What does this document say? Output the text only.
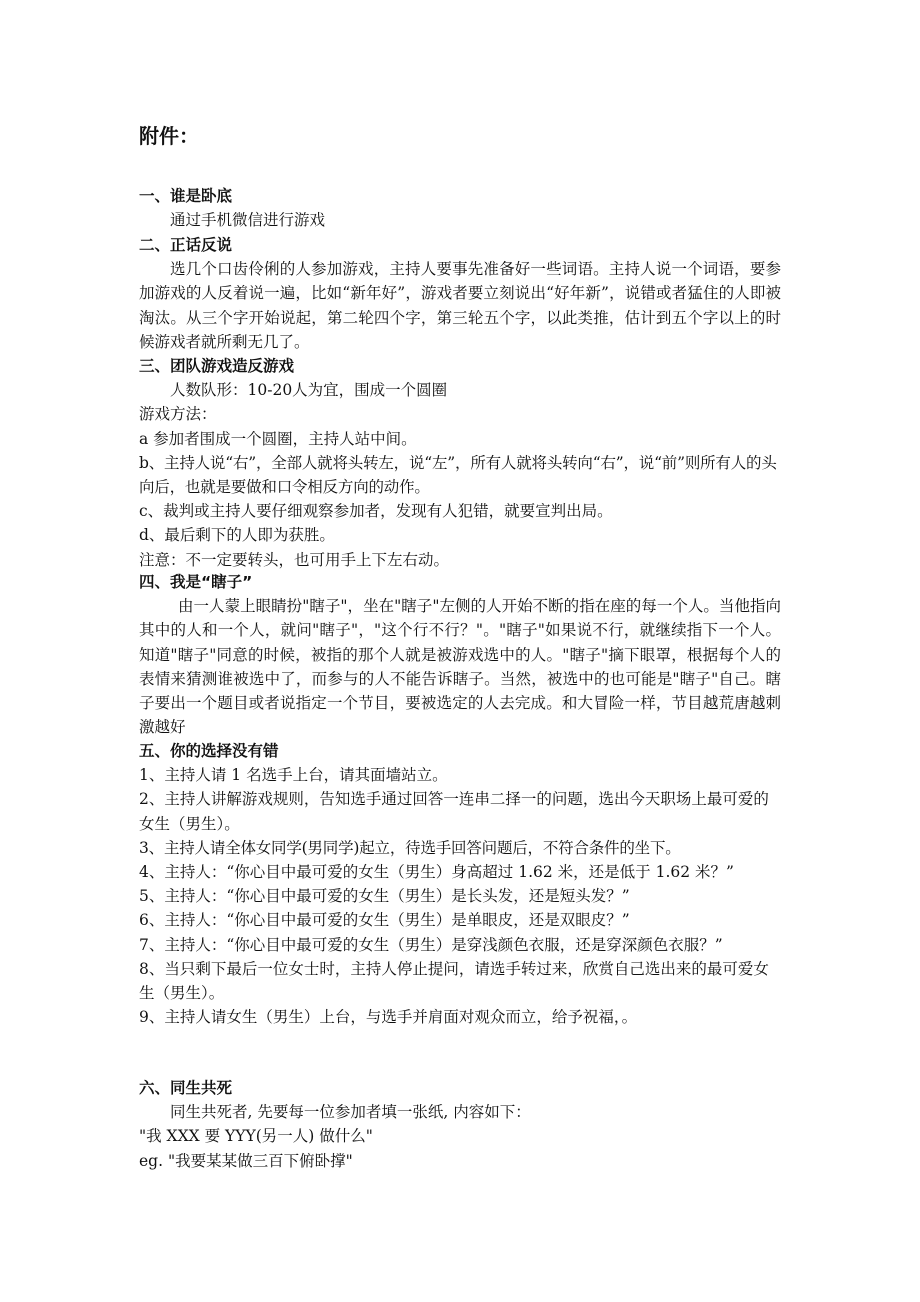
附件：
一、谁是卧底
通过手机微信进行游戏
二、正话反说
选几个口齿伶俐的人参加游戏，主持人要事先准备好一些词语。主持人说一个词语，要参加游戏的人反着说一遍，比如“新年好”，游戏者要立刻说出“好年新”，说错或者猛住的人即被淘汰。从三个字开始说起，第二轮四个字，第三轮五个字，以此类推，估计到五个字以上的时候游戏者就所剩无几了。
三、团队游戏造反游戏
人数队形：10-20人为宜，围成一个圆圈
游戏方法：
a 参加者围成一个圆圈，主持人站中间。
b、主持人说“右”，全部人就将头转左，说“左”，所有人就将头转向“右”，说“前”则所有人的头向后，也就是要做和口令相反方向的动作。
c、裁判或主持人要仔细观察参加者，发现有人犯错，就要宣判出局。
d、最后剩下的人即为获胜。
注意：不一定要转头，也可用手上下左右动。
四、我是“瞎子”
由一人蒙上眼睛扮"瞎子"，坐在"瞎子"左侧的人开始不断的指在座的每一个人。当他指向其中的人和一个人，就问"瞎子"，"这个行不行？"。"瞎子"如果说不行，就继续指下一个人。知道"瞎子"同意的时候，被指的那个人就是被游戏选中的人。"瞎子"摘下眼罩，根据每个人的表情来猜测谁被选中了，而参与的人不能告诉瞎子。当然，被选中的也可能是"瞎子"自己。瞎子要出一个题目或者说指定一个节目，要被选定的人去完成。和大冒险一样，节目越荒唐越刺激越好
五、你的选择没有错
1、主持人请 1 名选手上台，请其面墙站立。
2、主持人讲解游戏规则，告知选手通过回答一连串二择一的问题，选出今天职场上最可爱的女生（男生）。
3、主持人请全体女同学(男同学)起立，待选手回答问题后，不符合条件的坐下。
4、主持人：“你心目中最可爱的女生（男生）身高超过 1.62 米，还是低于 1.62 米？”
5、主持人：“你心目中最可爱的女生（男生）是长头发，还是短头发？”
6、主持人：“你心目中最可爱的女生（男生）是单眼皮，还是双眼皮？”
7、主持人：“你心目中最可爱的女生（男生）是穿浅颜色衣服，还是穿深颜色衣服？”
8、当只剩下最后一位女士时，主持人停止提问，请选手转过来，欣赏自己选出来的最可爱女生（男生）。
9、主持人请女生（男生）上台，与选手并肩面对观众而立，给予祝福，。
六、同生共死
同生共死者, 先要每一位参加者填一张纸, 内容如下：
"我 XXX 要 YYY(另一人) 做什么"
eg. "我要某某做三百下俯卧撑"
